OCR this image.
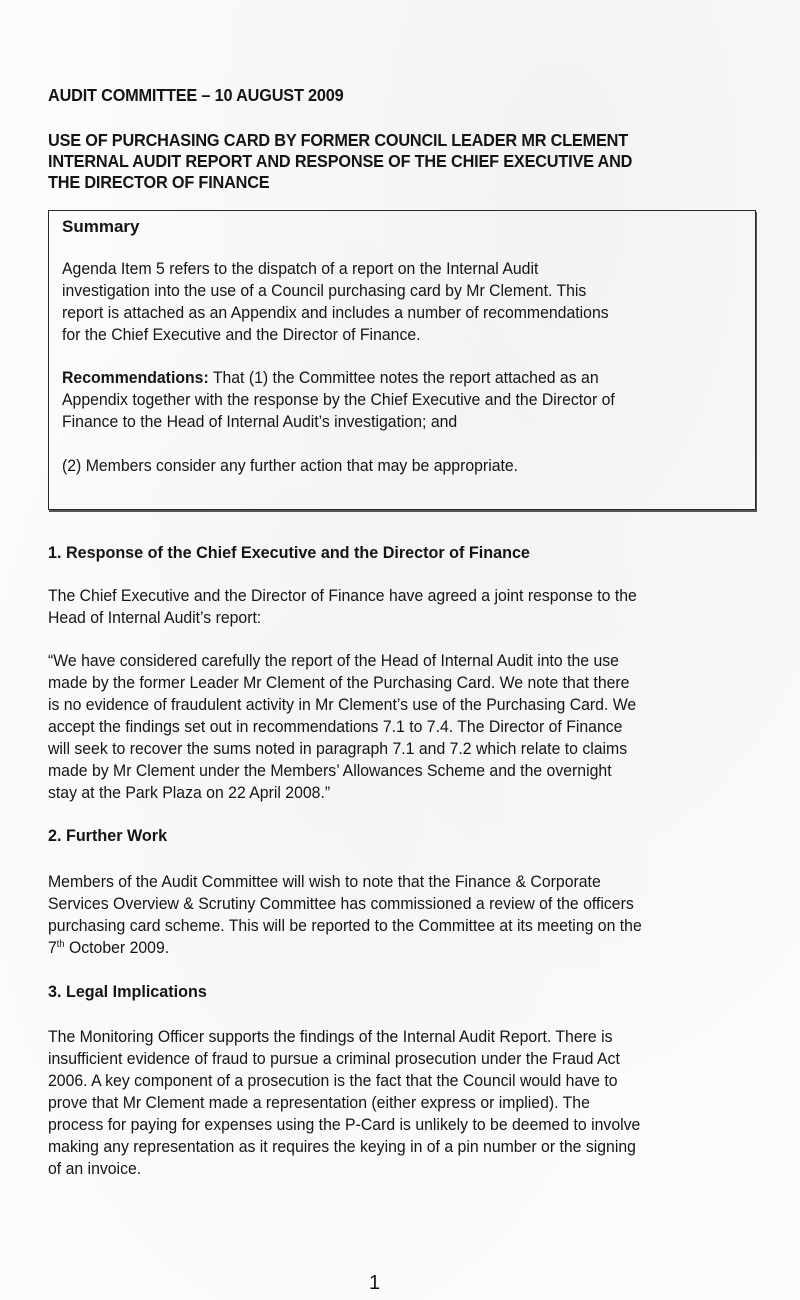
AUDIT COMMITTEE – 10 AUGUST 2009
USE OF PURCHASING CARD BY FORMER COUNCIL LEADER MR CLEMENT
INTERNAL AUDIT REPORT AND RESPONSE OF THE CHIEF EXECUTIVE AND
THE DIRECTOR OF FINANCE
Summary
Agenda Item 5 refers to the dispatch of a report on the Internal Audit
investigation into the use of a Council purchasing card by Mr Clement. This
report is attached as an Appendix and includes a number of recommendations
for the Chief Executive and the Director of Finance.
Recommendations: That (1) the Committee notes the report attached as an
Appendix together with the response by the Chief Executive and the Director of
Finance to the Head of Internal Audit’s investigation; and
(2) Members consider any further action that may be appropriate.
1. Response of the Chief Executive and the Director of Finance
The Chief Executive and the Director of Finance have agreed a joint response to the
Head of Internal Audit’s report:
“We have considered carefully the report of the Head of Internal Audit into the use
made by the former Leader Mr Clement of the Purchasing Card. We note that there
is no evidence of fraudulent activity in Mr Clement’s use of the Purchasing Card. We
accept the findings set out in recommendations 7.1 to 7.4. The Director of Finance
will seek to recover the sums noted in paragraph 7.1 and 7.2 which relate to claims
made by Mr Clement under the Members’ Allowances Scheme and the overnight
stay at the Park Plaza on 22 April 2008.”
2. Further Work
Members of the Audit Committee will wish to note that the Finance & Corporate
Services Overview & Scrutiny Committee has commissioned a review of the officers
purchasing card scheme. This will be reported to the Committee at its meeting on the
7th October 2009.
3. Legal Implications
The Monitoring Officer supports the findings of the Internal Audit Report. There is
insufficient evidence of fraud to pursue a criminal prosecution under the Fraud Act
2006. A key component of a prosecution is the fact that the Council would have to
prove that Mr Clement made a representation (either express or implied). The
process for paying for expenses using the P-Card is unlikely to be deemed to involve
making any representation as it requires the keying in of a pin number or the signing
of an invoice.
1
